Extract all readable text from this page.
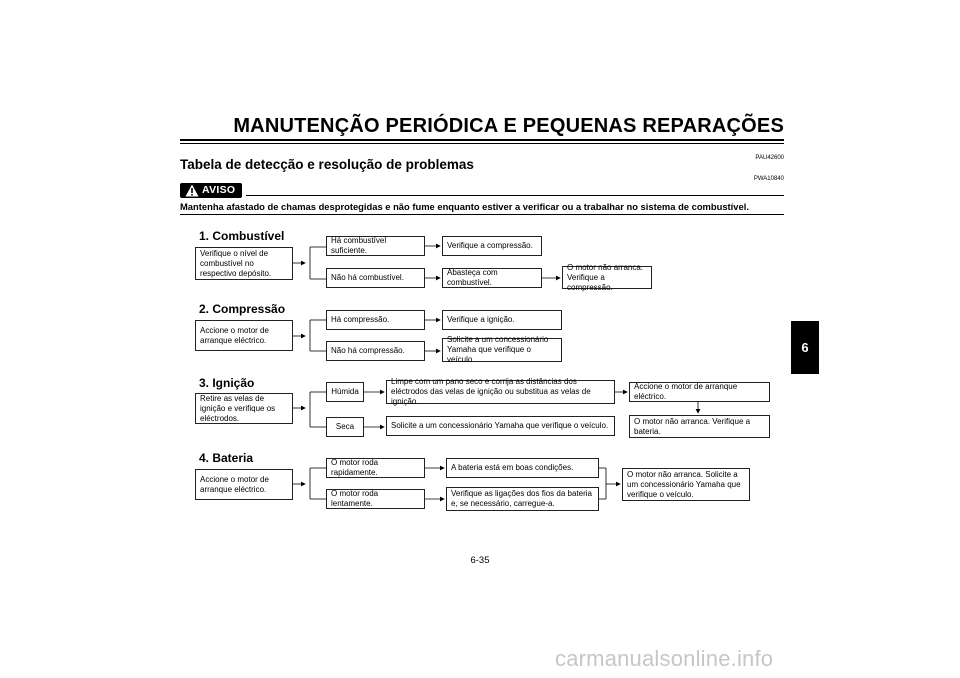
MANUTENÇÃO PERIÓDICA E PEQUENAS REPARAÇÕES
PAU42600
Tabela de detecção e resolução de problemas
PWA10840
AVISO
Mantenha afastado de chamas desprotegidas e não fume enquanto estiver a verificar ou a trabalhar no sistema de combustível.
6
1. Combustível
Verifique o nível de combustível no respectivo depósito.
Há combustível suficiente.
Verifique a compressão.
Não há combustível.
Abasteça com combustível.
O motor não arranca. Verifique a compressão.
2. Compressão
Accione o motor de arranque eléctrico.
Há compressão.	Verifique a ignição.
Não há compressão.
Solicite a um concessionário Yamaha que verifique o veículo.
3. Ignição
Retire as velas de ignição e verifique os eléctrodos.
Húmida
Limpe com um pano seco e corrija as distâncias dos eléctrodos das velas de ignição ou substitua as velas de ignição.
Accione o motor de arranque eléctrico.
Seca	Solicite a um concessionário Yamaha que verifique o veículo.	O motor não arranca. Verifique a bateria.
4. Bateria
Accione o motor de arranque eléctrico.
O motor roda rapidamente.
A bateria está em boas condições.
O motor roda lentamente.
Verifique as ligações dos fios da bateria e, se necessário, carregue-a.
O motor não arranca. Solicite a um concessionário Yamaha que verifique o veículo.
6-35
carmanualsonline.info
